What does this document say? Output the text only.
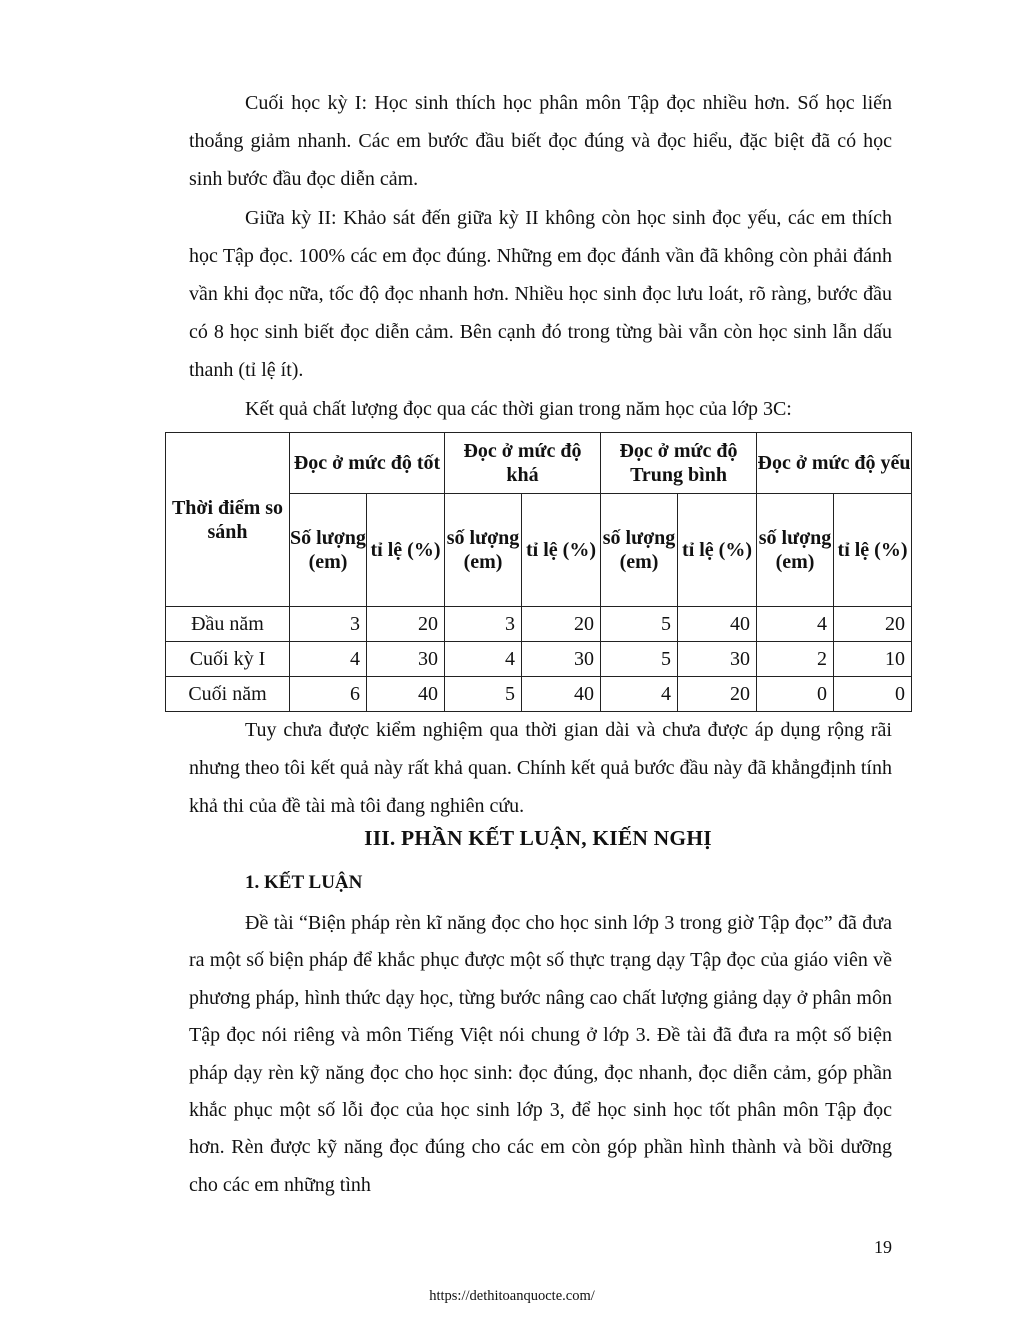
Cuối học kỳ I: Học sinh thích học phân môn Tập đọc nhiều hơn. Số học liến thoắng giảm nhanh. Các em bước đầu biết đọc đúng và đọc hiểu, đặc biệt đã có học sinh bước đầu đọc diễn cảm.

Giữa kỳ II: Khảo sát đến giữa kỳ II không còn học sinh đọc yếu, các em thích học Tập đọc. 100% các em đọc đúng. Những em đọc đánh vần đã không còn phải đánh vần khi đọc nữa, tốc độ đọc nhanh hơn. Nhiều học sinh đọc lưu loát, rõ ràng, bước đầu có 8 học sinh biết đọc diễn cảm. Bên cạnh đó trong từng bài vẫn còn học sinh lẫn dấu thanh (tỉ lệ ít).

Kết quả chất lượng đọc qua các thời gian trong năm học của lớp 3C:

Thời điểm so sánh	Đọc ở mức độ tốt		Đọc ở mức độ khá		Đọc ở mức độ Trung bình		Đọc ở mức độ yếu	
	Số lượng (em)	tỉ lệ (%)	số lượng (em)	tỉ lệ (%)	số lượng (em)	tỉ lệ (%)	số lượng (em)	tỉ lệ (%)
Đầu năm	3	20	3	20	5	40	4	20
Cuối kỳ I	4	30	4	30	5	30	2	10
Cuối năm	6	40	5	40	4	20	0	0

Tuy chưa được kiểm nghiệm qua thời gian dài và chưa được áp dụng rộng rãi nhưng theo tôi kết quả này rất khả quan. Chính kết quả bước đầu này đã khẳngđịnh tính khả thi của đề tài mà tôi đang nghiên cứu.

III. PHẦN KẾT LUẬN, KIẾN NGHỊ
1. KẾT LUẬN

Đề tài “Biện pháp rèn kĩ năng đọc cho học sinh lớp 3 trong giờ Tập đọc” đã đưa ra một số biện pháp để khắc phục được một số thực trạng dạy Tập đọc của giáo viên về phương pháp, hình thức dạy học, từng bước nâng cao chất lượng giảng dạy ở phân môn Tập đọc nói riêng và môn Tiếng Việt nói chung ở lớp 3. Đề tài đã đưa ra một số biện pháp dạy rèn kỹ năng đọc cho học sinh: đọc đúng, đọc nhanh, đọc diễn cảm, góp phần khắc phục một số lỗi đọc của học sinh lớp 3, để học sinh học tốt phân môn Tập đọc hơn. Rèn được kỹ năng đọc đúng cho các em còn góp phần hình thành và bồi dưỡng cho các em những tình

19
https://dethitoanquocte.com/
